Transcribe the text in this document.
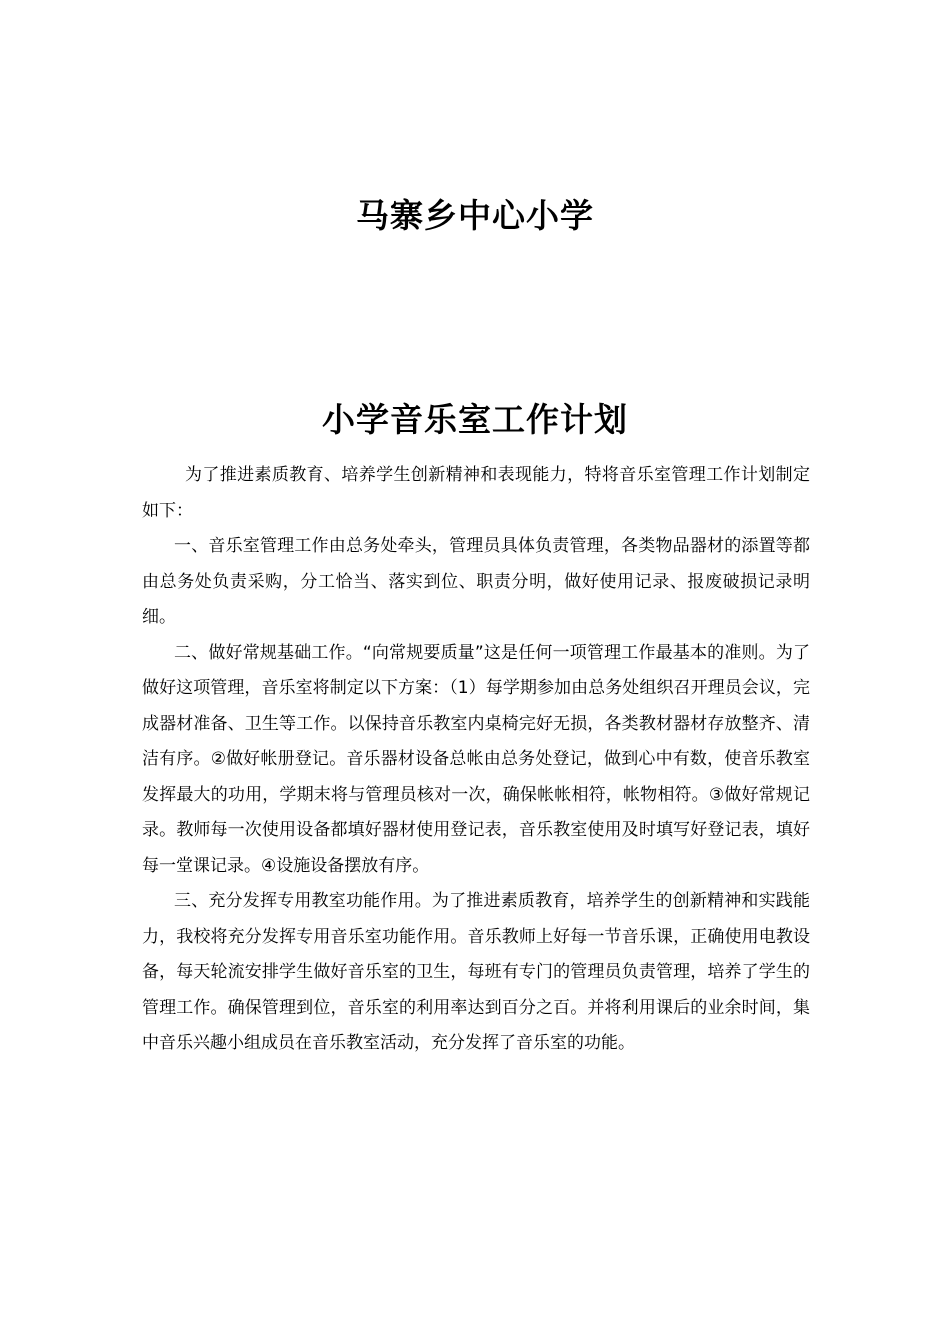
马寨乡中心小学
小学音乐室工作计划

为了推进素质教育、培养学生创新精神和表现能力，特将音乐室管理工作计划制定如下：

一、音乐室管理工作由总务处牵头，管理员具体负责管理，各类物品器材的添置等都由总务处负责采购，分工恰当、落实到位、职责分明，做好使用记录、报废破损记录明细。

二、做好常规基础工作。“向常规要质量”这是任何一项管理工作最基本的准则。为了做好这项管理，音乐室将制定以下方案：（1）每学期参加由总务处组织召开理员会议，完成器材准备、卫生等工作。以保持音乐教室内桌椅完好无损，各类教材器材存放整齐、清洁有序。②做好帐册登记。音乐器材设备总帐由总务处登记，做到心中有数，使音乐教室发挥最大的功用，学期末将与管理员核对一次，确保帐帐相符，帐物相符。③做好常规记录。教师每一次使用设备都填好器材使用登记表，音乐教室使用及时填写好登记表，填好每一堂课记录。④设施设备摆放有序。

三、充分发挥专用教室功能作用。为了推进素质教育，培养学生的创新精神和实践能力，我校将充分发挥专用音乐室功能作用。音乐教师上好每一节音乐课，正确使用电教设备，每天轮流安排学生做好音乐室的卫生，每班有专门的管理员负责管理，培养了学生的管理工作。确保管理到位，音乐室的利用率达到百分之百。并将利用课后的业余时间，集中音乐兴趣小组成员在音乐教室活动，充分发挥了音乐室的功能。
